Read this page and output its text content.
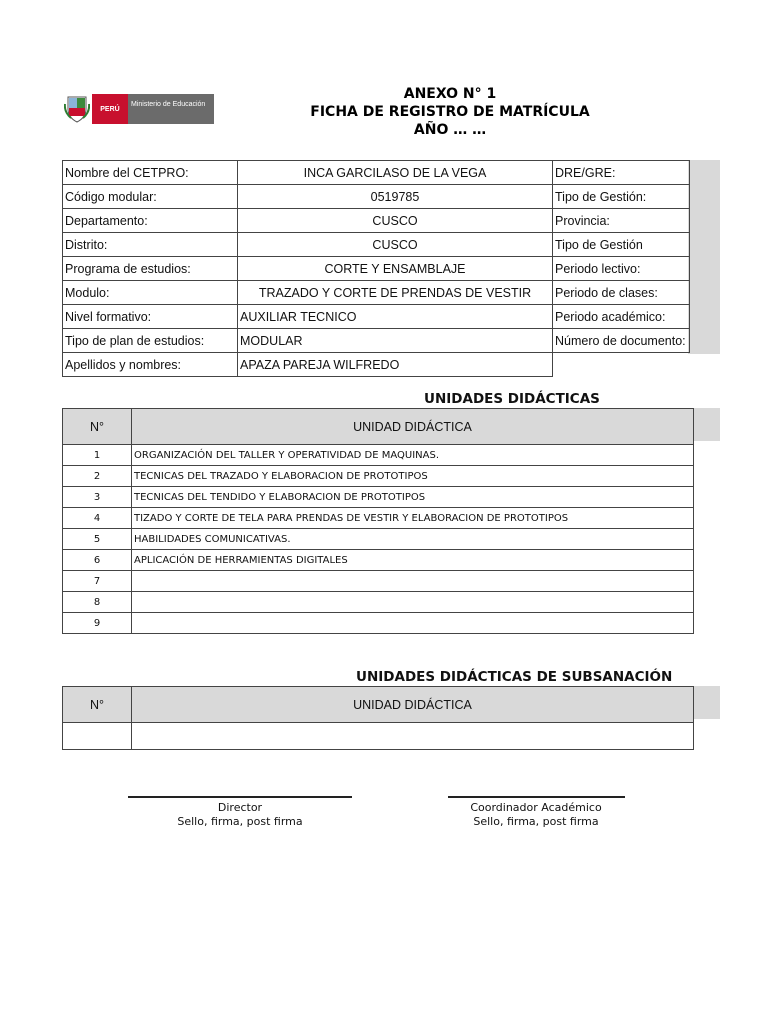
PERÚ
Ministerio de Educación
ANEXO N° 1
FICHA DE REGISTRO DE MATRÍCULA
AÑO … …
Nombre del CETPRO:	INCA GARCILASO DE LA VEGA	DRE/GRE:
Código modular:	0519785	Tipo de Gestión:
Departamento:	CUSCO	Provincia:
Distrito:	CUSCO	Tipo de Gestión
Programa de estudios:	CORTE Y ENSAMBLAJE	Periodo lectivo:
Modulo:	TRAZADO Y CORTE DE PRENDAS DE VESTIR	Periodo de clases:
Nivel formativo:	AUXILIAR TECNICO	Periodo académico:
Tipo de plan de estudios:	MODULAR	Número de documento:
Apellidos y nombres:	APAZA PAREJA WILFREDO	
UNIDADES DIDÁCTICAS
N°	UNIDAD DIDÁCTICA
1	ORGANIZACIÓN DEL TALLER Y OPERATIVIDAD DE MAQUINAS.
2	TECNICAS DEL TRAZADO Y ELABORACION DE PROTOTIPOS
3	TECNICAS DEL TENDIDO Y ELABORACION DE PROTOTIPOS
4	TIZADO Y CORTE DE TELA PARA PRENDAS DE VESTIR Y ELABORACION DE PROTOTIPOS
5	HABILIDADES COMUNICATIVAS.
6	APLICACIÓN DE HERRAMIENTAS DIGITALES
7	
8	
9	
UNIDADES DIDÁCTICAS DE SUBSANACIÓN
N°	UNIDAD DIDÁCTICA

Director
Sello, firma, post firma
Coordinador Académico
Sello, firma, post firma
